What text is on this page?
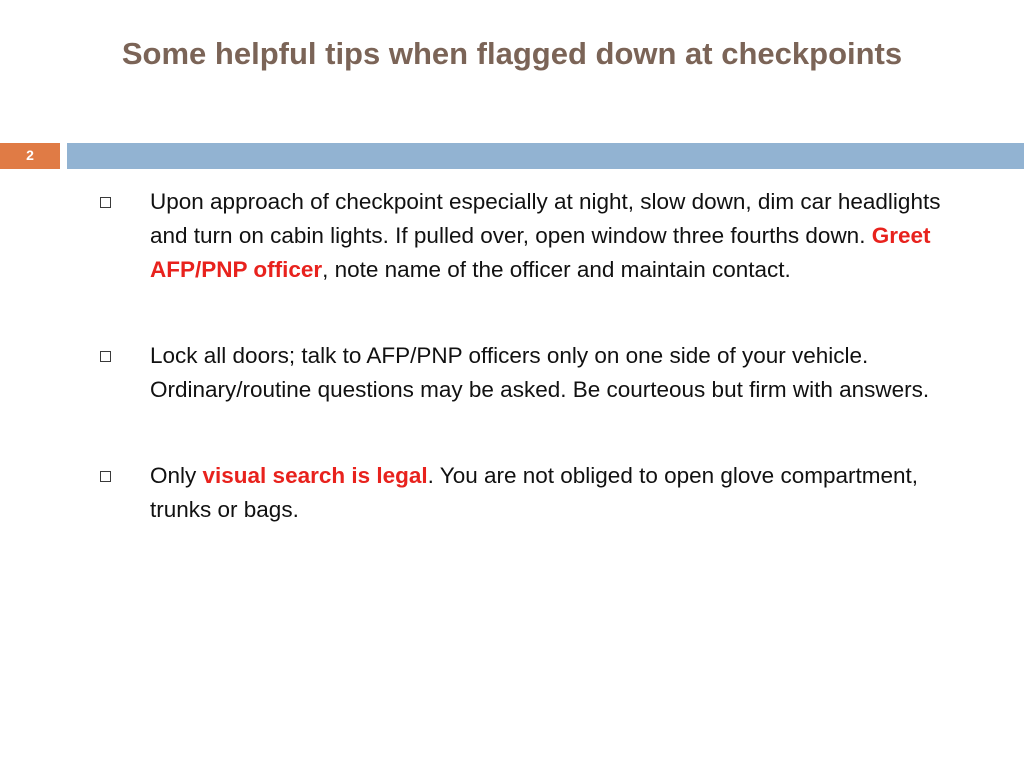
Some helpful tips when flagged down at checkpoints
2
Upon approach of checkpoint especially at night, slow down, dim car headlights and turn on cabin lights. If pulled over, open window three fourths down. Greet AFP/PNP officer, note name of the officer and maintain contact.
Lock all doors; talk to AFP/PNP officers only on one side of your vehicle. Ordinary/routine questions may be asked. Be courteous but firm with answers.
Only visual search is legal. You are not obliged to open glove compartment, trunks or bags.
